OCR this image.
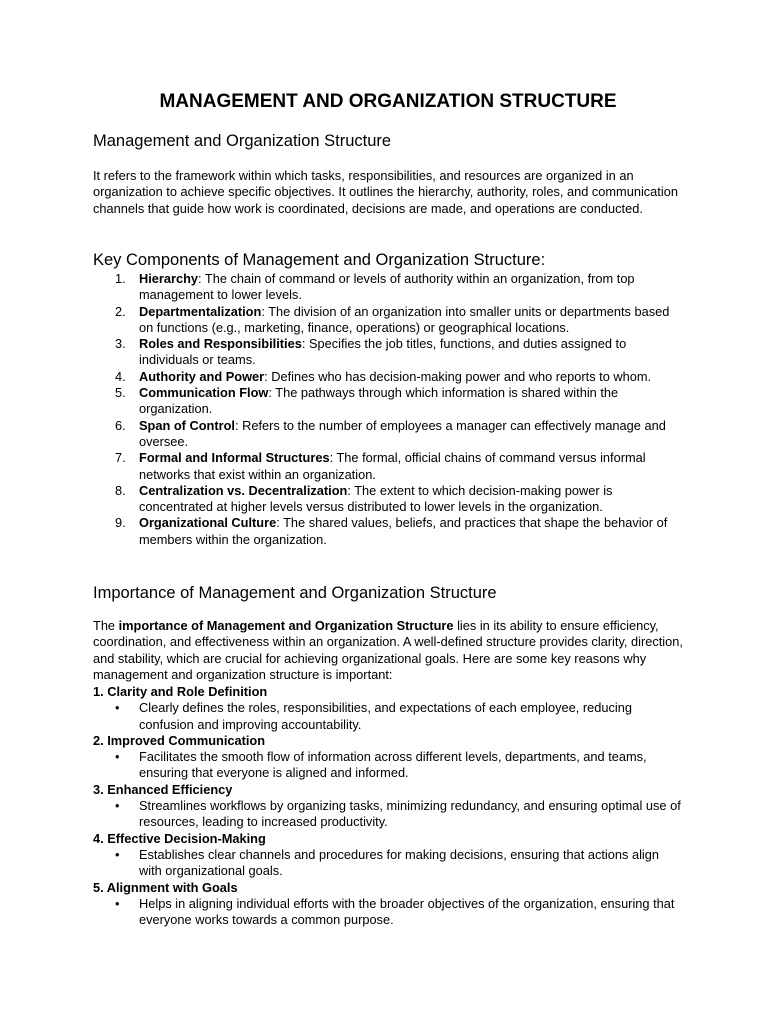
MANAGEMENT AND ORGANIZATION STRUCTURE
Management and Organization Structure

It refers to the framework within which tasks, responsibilities, and resources are organized in an organization to achieve specific objectives. It outlines the hierarchy, authority, roles, and communication channels that guide how work is coordinated, decisions are made, and operations are conducted.

Key Components of Management and Organization Structure:
1.	Hierarchy: The chain of command or levels of authority within an organization, from top management to lower levels.
2.	Departmentalization: The division of an organization into smaller units or departments based on functions (e.g., marketing, finance, operations) or geographical locations.
3.	Roles and Responsibilities: Specifies the job titles, functions, and duties assigned to individuals or teams.
4.	Authority and Power: Defines who has decision-making power and who reports to whom.
5.	Communication Flow: The pathways through which information is shared within the organization.
6.	Span of Control: Refers to the number of employees a manager can effectively manage and oversee.
7.	Formal and Informal Structures: The formal, official chains of command versus informal networks that exist within an organization.
8.	Centralization vs. Decentralization: The extent to which decision-making power is concentrated at higher levels versus distributed to lower levels in the organization.
9.	Organizational Culture: The shared values, beliefs, and practices that shape the behavior of members within the organization.
Importance of Management and Organization Structure

The importance of Management and Organization Structure lies in its ability to ensure efficiency, coordination, and effectiveness within an organization. A well-defined structure provides clarity, direction, and stability, which are crucial for achieving organizational goals. Here are some key reasons why management and organization structure is important:

1. Clarity and Role Definition
• Clearly defines the roles, responsibilities, and expectations of each employee, reducing confusion and improving accountability.
2. Improved Communication
• Facilitates the smooth flow of information across different levels, departments, and teams, ensuring that everyone is aligned and informed.
3. Enhanced Efficiency
• Streamlines workflows by organizing tasks, minimizing redundancy, and ensuring optimal use of resources, leading to increased productivity.
4. Effective Decision-Making
• Establishes clear channels and procedures for making decisions, ensuring that actions align with organizational goals.
5. Alignment with Goals
• Helps in aligning individual efforts with the broader objectives of the organization, ensuring that everyone works towards a common purpose.
